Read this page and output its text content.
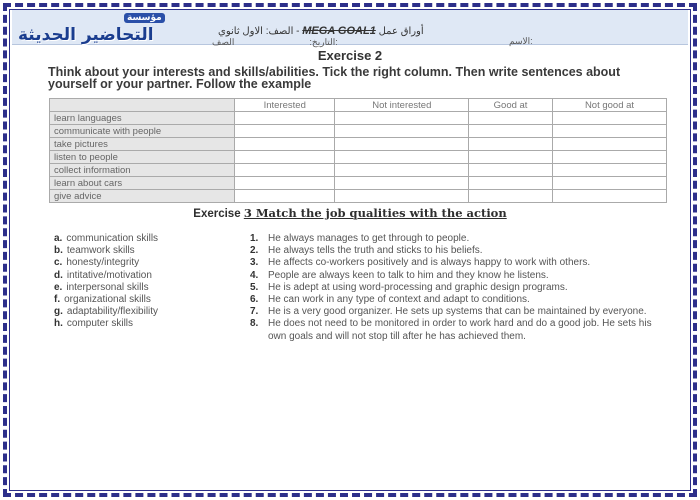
مؤسسة
التحاضير الحديثة	أوراق عمل MEGA GOAL1 - الصف: الاول ثانوي
التاريخ:  الصف:	الاسم:
Exercise 2
Think about your interests and skills/abilities. Tick the right column. Then write sentences about yourself or your partner. Follow the example
	Interested	Not interested	Good at	Not good at
learn languages				
communicate with people				
take pictures				
listen to people				
collect information				
learn about cars				
give advice				
Exercise 3 Match the job qualities with the action
a. communication skills
b. teamwork skills
c. honesty/integrity
d. intitative/motivation
e. interpersonal skills
f. organizational skills
g. adaptability/flexibility
h. computer skills
1. He always manages to get through to people.
2. He always tells the truth and sticks to his beliefs.
3. He affects co-workers positively and is always happy to work with others.
4. People are always keen to talk to him and they know he listens.
5. He is adept at using word-processing and graphic design programs.
6. He can work in any type of context and adapt to conditions.
7. He is a very good organizer. He sets up systems that can be maintained by everyone.
8. He does not need to be monitored in order to work hard and do a good job. He sets his own goals and will not stop till after he has achieved them.
